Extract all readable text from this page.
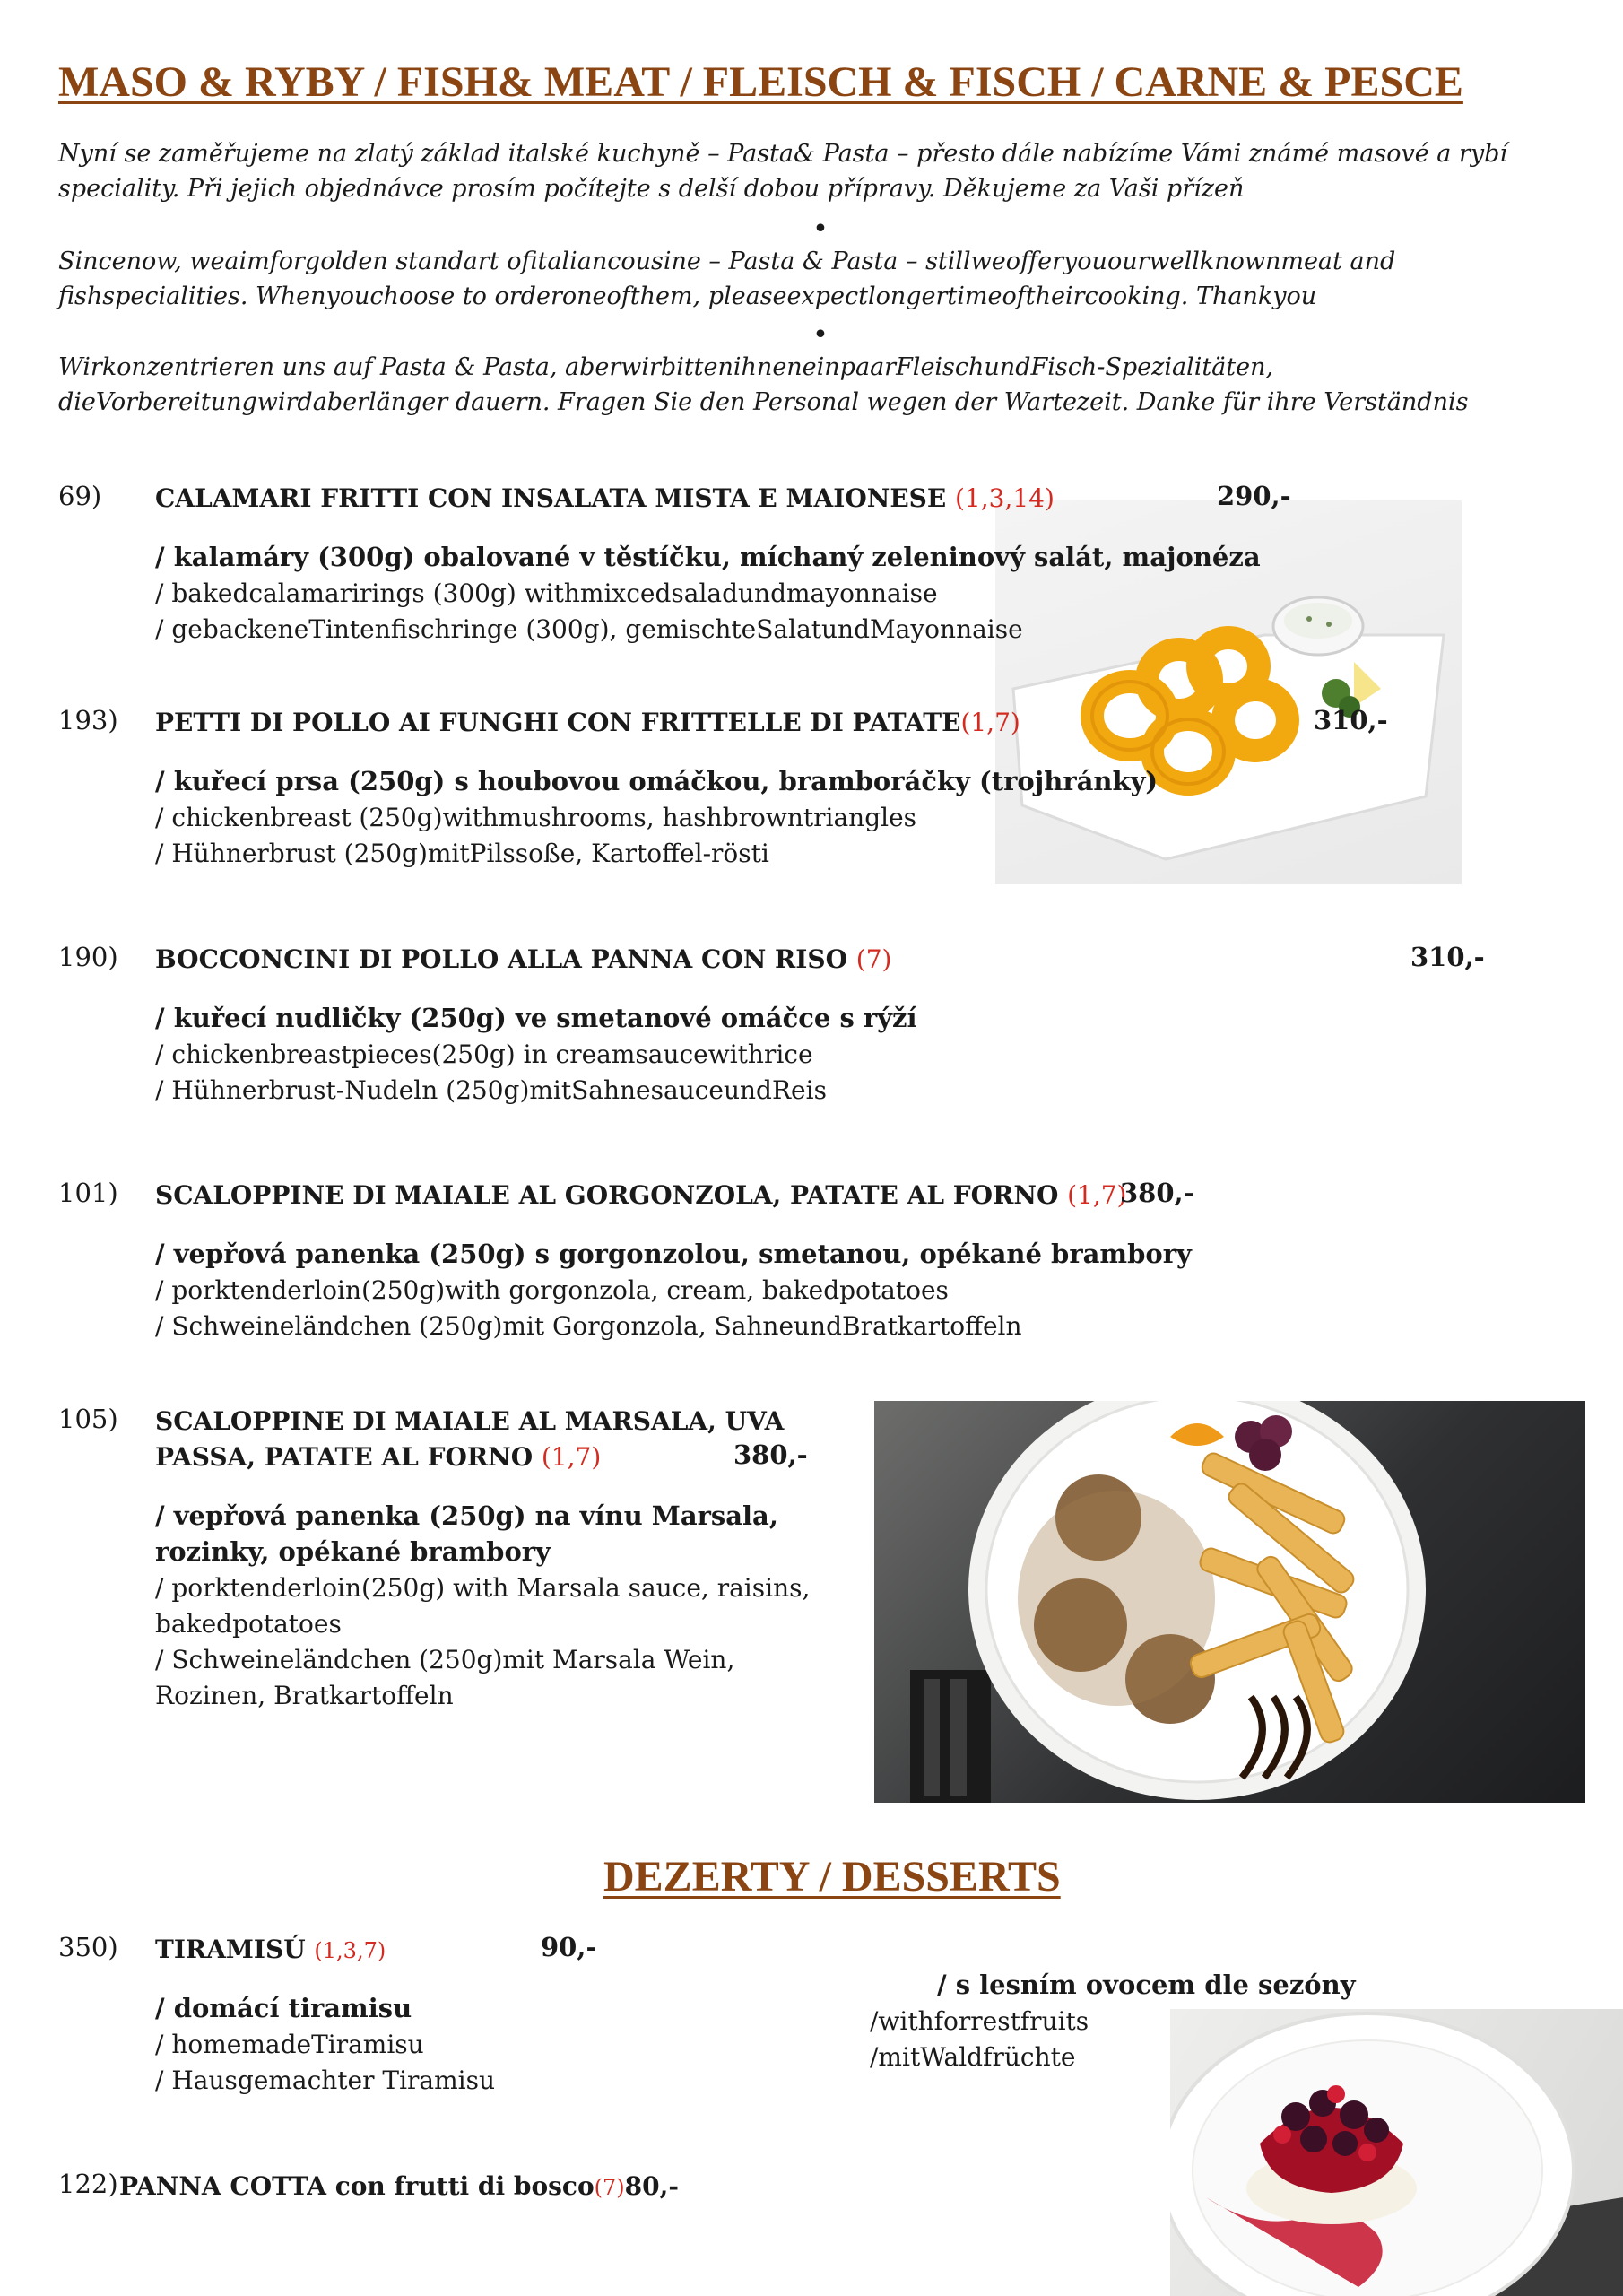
MASO & RYBY / FISH& MEAT / FLEISCH & FISCH / CARNE & PESCE
Nyní se zaměřujeme na zlatý základ italské kuchyně – Pasta& Pasta – přesto dále nabízíme Vámi známé masové a rybí speciality. Při jejich objednávce prosím počítejte s delší dobou přípravy. Děkujeme za Vaši přízeň
•
Sincenow, weaimforgolden standart ofitaliancousine – Pasta & Pasta – stillweofferyouourwellknownmeat and fishspecialities. Whenyouchoose to orderoneofthem, pleaseexpectlongertimeoftheircooking. Thankyou
•
Wirkonzentrieren uns auf Pasta & Pasta, aberwirbittenihneneinpaarFleischundFisch-Spezialitäten, dieVorbereitungwirdaberlänger dauern. Fragen Sie den Personal wegen der Wartezeit. Danke für ihre Verständnis
69) CALAMARI FRITTI CON INSALATA MISTA E MAIONESE (1,3,14)	290,-
/ kalamáry (300g) obalované v těstíčku, míchaný zeleninový salát, majonéza
/ bakedcalamarirings (300g) withmixcedsaladundmayonnaise
/ gebackeneTintenfischringe (300g), gemischteSalatundMayonnaise
193) PETTI DI POLLO AI FUNGHI CON FRITTELLE DI PATATE(1,7)	310,-
/ kuřecí prsa (250g) s houbovou omáčkou, bramboráčky (trojhránky)
/ chickenbreast (250g)withmushrooms, hashbrowntriangles
/ Hühnerbrust (250g)mitPilssoße, Kartoffel-rösti
190) BOCCONCINI DI POLLO ALLA PANNA CON RISO (7)	310,-
/ kuřecí nudličky (250g) ve smetanové omáčce s rýží
/ chickenbreastpieces(250g) in creamsaucewithrice
/ Hühnerbrust-Nudeln (250g)mitSahnesauceundReis
101) SCALOPPINE DI MAIALE AL GORGONZOLA, PATATE AL FORNO (1,7)
380,-
/ vepřová panenka (250g) s gorgonzolou, smetanou, opékané brambory
/ porktenderloin(250g)with gorgonzola, cream, bakedpotatoes
/ Schweineländchen (250g)mit Gorgonzola, SahneundBratkartoffeln
105) SCALOPPINE DI MAIALE AL MARSALA, UVA
PASSA, PATATE AL FORNO (1,7)	380,-
/ vepřová panenka (250g) na vínu Marsala,
rozinky, opékané brambory
/ porktenderloin(250g) with Marsala sauce, raisins,
bakedpotatoes
/ Schweineländchen (250g)mit Marsala Wein,
Rozinen, Bratkartoffeln
DEZERTY / DESSERTS
350) TIRAMISÚ (1,3,7)	90,-
/ domácí tiramisu
/ homemadeTiramisu
/ Hausgemachter Tiramisu
122) PANNA COTTA con frutti di bosco(7)80,-
/ s lesním ovocem dle sezóny
/withforrestfruits
/mitWaldfrüchte
